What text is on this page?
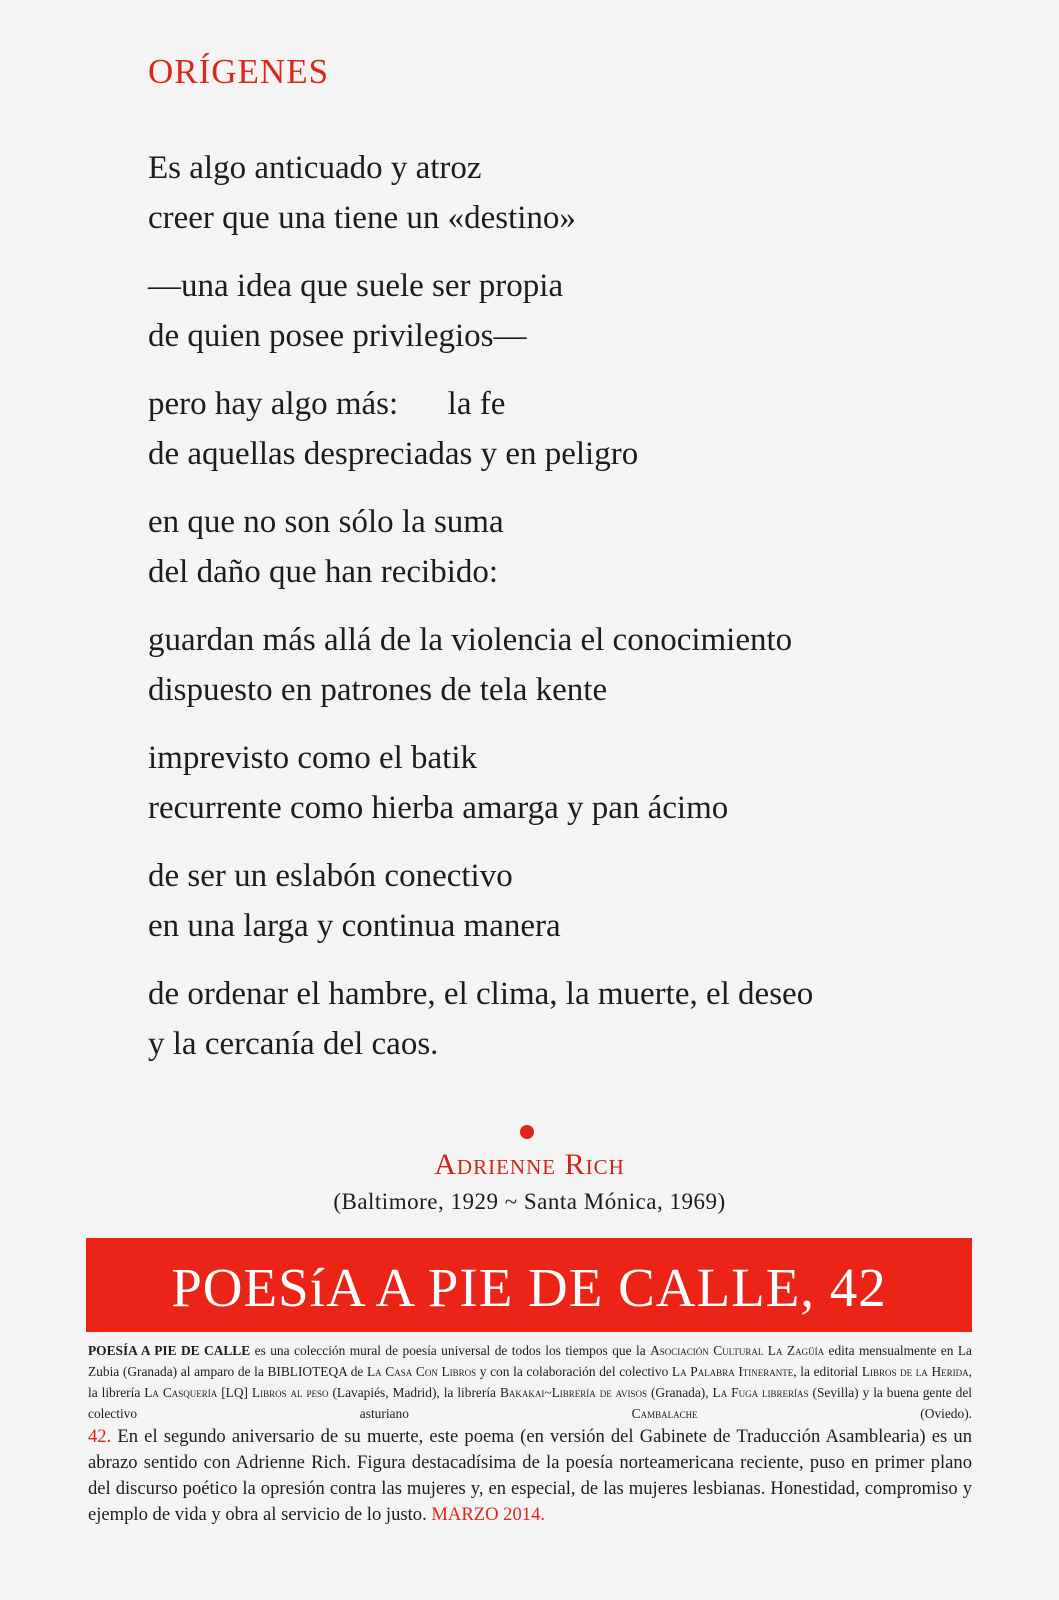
ORÍGENES
Es algo anticuado y atroz
creer que una tiene un «destino»
—una idea que suele ser propia
de quien posee privilegios—
pero hay algo más:      la fe
de aquellas despreciadas y en peligro
en que no son sólo la suma
del daño que han recibido:
guardan más allá de la violencia el conocimiento
dispuesto en patrones de tela kente
imprevisto como el batik
recurrente como hierba amarga y pan ácimo
de ser un eslabón conectivo
en una larga y continua manera
de ordenar el hambre, el clima, la muerte, el deseo
y la cercanía del caos.
Adrienne Rich
(Baltimore, 1929 ~ Santa Mónica, 1969)
POESíA A PIE DE CALLE, 42
POESÍA A PIE DE CALLE es una colección mural de poesía universal de todos los tiempos que la Asociación Cultural La Zagüía edita mensualmente en La Zubia (Granada) al amparo de la BIBLIOTEQA de La Casa Con Libros y con la colaboración del colectivo La Palabra Itinerante, la editorial Libros de la Herida, la librería La Casquería [LQ] Libros al peso (Lavapiés, Madrid), la librería Bakakai~Librería de avisos (Granada), La Fuga librerías (Sevilla) y la buena gente del colectivo asturiano Cambalache (Oviedo).
42. En el segundo aniversario de su muerte, este poema (en versión del Gabinete de Traducción Asamblearia) es un abrazo sentido con Adrienne Rich. Figura destacadísima de la poesía norteamericana reciente, puso en primer plano del discurso poético la opresión contra las mujeres y, en especial, de las mujeres lesbianas. Honestidad, compromiso y ejemplo de vida y obra al servicio de lo justo. MARZO 2014.
